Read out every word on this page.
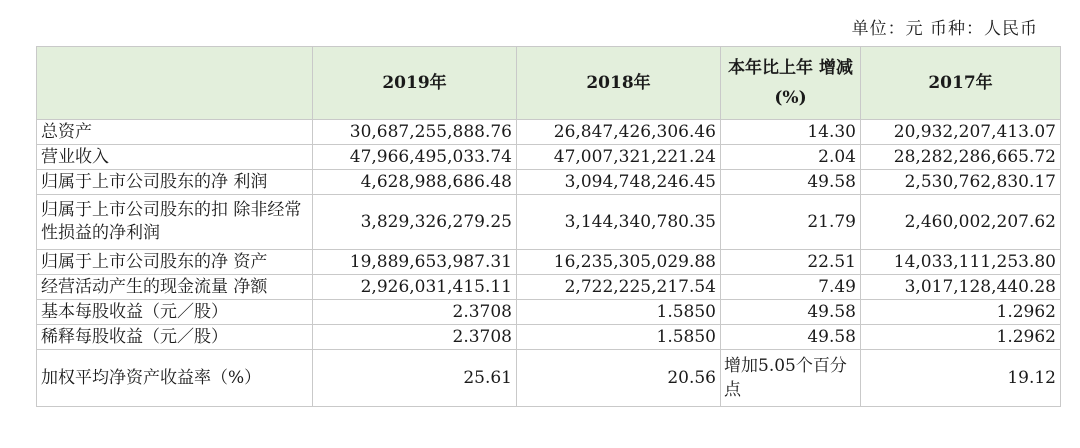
单位：元 币种：人民币
	2019年	2018年	本年比上年 增减(%)	2017年
总资产	30,687,255,888.76	26,847,426,306.46	14.30	20,932,207,413.07
营业收入	47,966,495,033.74	47,007,321,221.24	2.04	28,282,286,665.72
归属于上市公司股东的净 利润	4,628,988,686.48	3,094,748,246.45	49.58	2,530,762,830.17
归属于上市公司股东的扣 除非经常性损益的净利润	3,829,326,279.25	3,144,340,780.35	21.79	2,460,002,207.62
归属于上市公司股东的净 资产	19,889,653,987.31	16,235,305,029.88	22.51	14,033,111,253.80
经营活动产生的现金流量 净额	2,926,031,415.11	2,722,225,217.54	7.49	3,017,128,440.28
基本每股收益（元／股）	2.3708	1.5850	49.58	1.2962
稀释每股收益（元／股）	2.3708	1.5850	49.58	1.2962
加权平均净资产收益率（%）	25.61	20.56	增加5.05个百分点	19.12
